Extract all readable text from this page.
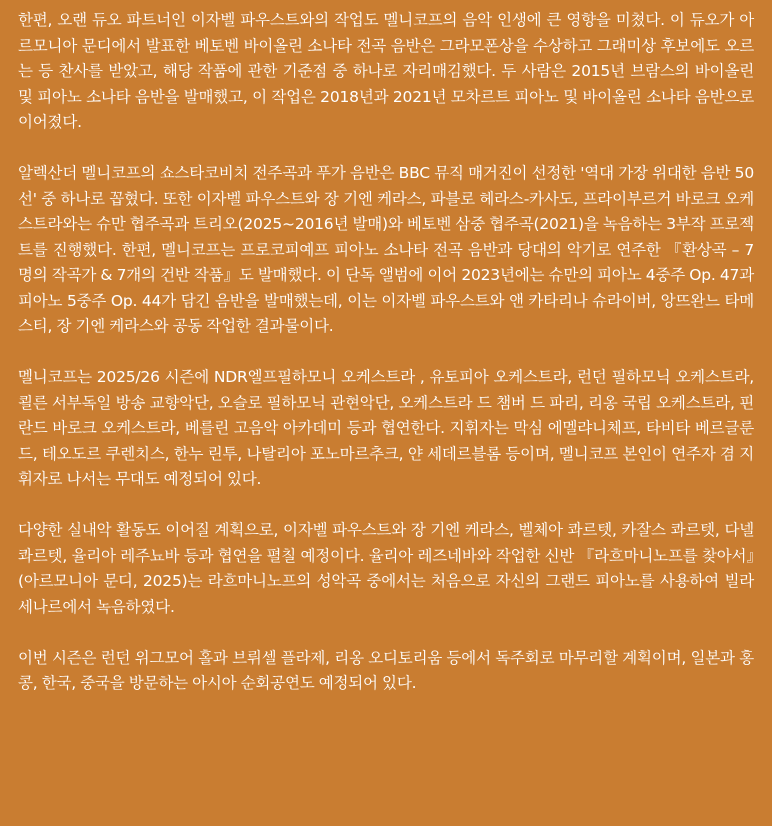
한편, 오랜 듀오 파트너인 이자벨 파우스트와의 작업도 멜니코프의 음악 인생에 큰 영향을 미쳤다. 이 듀오가 아르모니아 문디에서 발표한 베토벤 바이올린 소나타 전곡 음반은 그라모폰상을 수상하고 그래미상 후보에도 오르는 등 찬사를 받았고, 해당 작품에 관한 기준점 중 하나로 자리매김했다. 두 사람은 2015년 브람스의 바이올린 및 피아노 소나타 음반을 발매했고, 이 작업은 2018년과 2021년 모차르트 피아노 및 바이올린 소나타 음반으로 이어졌다.

알렉산더 멜니코프의 쇼스타코비치 전주곡과 푸가 음반은 BBC 뮤직 매거진이 선정한 '역대 가장 위대한 음반 50선' 중 하나로 꼽혔다. 또한 이자벨 파우스트와 장 기엔 케라스, 파블로 헤라스-카사도, 프라이부르거 바로크 오케스트라와는 슈만 협주곡과 트리오(2025~2016년 발매)와 베토벤 삼중 협주곡(2021)을 녹음하는 3부작 프로젝트를 진행했다. 한편, 멜니코프는 프로코피예프 피아노 소나타 전곡 음반과 당대의 악기로 연주한 『환상곡 – 7명의 작곡가 & 7개의 건반 작품』도 발매했다. 이 단독 앨범에 이어 2023년에는 슈만의 피아노 4중주 Op. 47과 피아노 5중주 Op. 44가 담긴 음반을 발매했는데, 이는 이자벨 파우스트와 앤 카타리나 슈라이버, 앙뜨완느 타메스티, 장 기엔 케라스와 공동 작업한 결과물이다.

멜니코프는 2025/26 시즌에 NDR엘프필하모니 오케스트라 , 유토피아 오케스트라, 런던 필하모닉 오케스트라, 쾰른 서부독일 방송 교향악단, 오슬로 필하모닉 관현악단, 오케스트라 드 챔버 드 파리, 리옹 국립 오케스트라, 핀란드 바로크 오케스트라, 베를린 고음악 아카데미 등과 협연한다. 지휘자는 막심 에멜랴니체프, 타비타 베르글룬드, 테오도르 쿠렌치스, 한누 린투, 나탈리아 포노마르추크, 얀 세데르블롬 등이며, 멜니코프 본인이 연주자 겸 지휘자로 나서는 무대도 예정되어 있다.

다양한 실내악 활동도 이어질 계획으로, 이자벨 파우스트와 장 기엔 케라스, 벨체아 콰르텟, 카잘스 콰르텟, 다넬 콰르텟, 율리아 레주뇨바 등과 협연을 펼칠 예정이다. 율리아 레즈네바와 작업한 신반 『라흐마니노프를 찾아서』(아르모니아 문디, 2025)는 라흐마니노프의 성악곡 중에서는 처음으로 자신의 그랜드 피아노를 사용하여 빌라 세나르에서 녹음하였다.

이번 시즌은 런던 위그모어 홀과 브뤼셀 플라제, 리옹 오디토리움 등에서 독주회로 마무리할 계획이며, 일본과 홍콩, 한국, 중국을 방문하는 아시아 순회공연도 예정되어 있다.
